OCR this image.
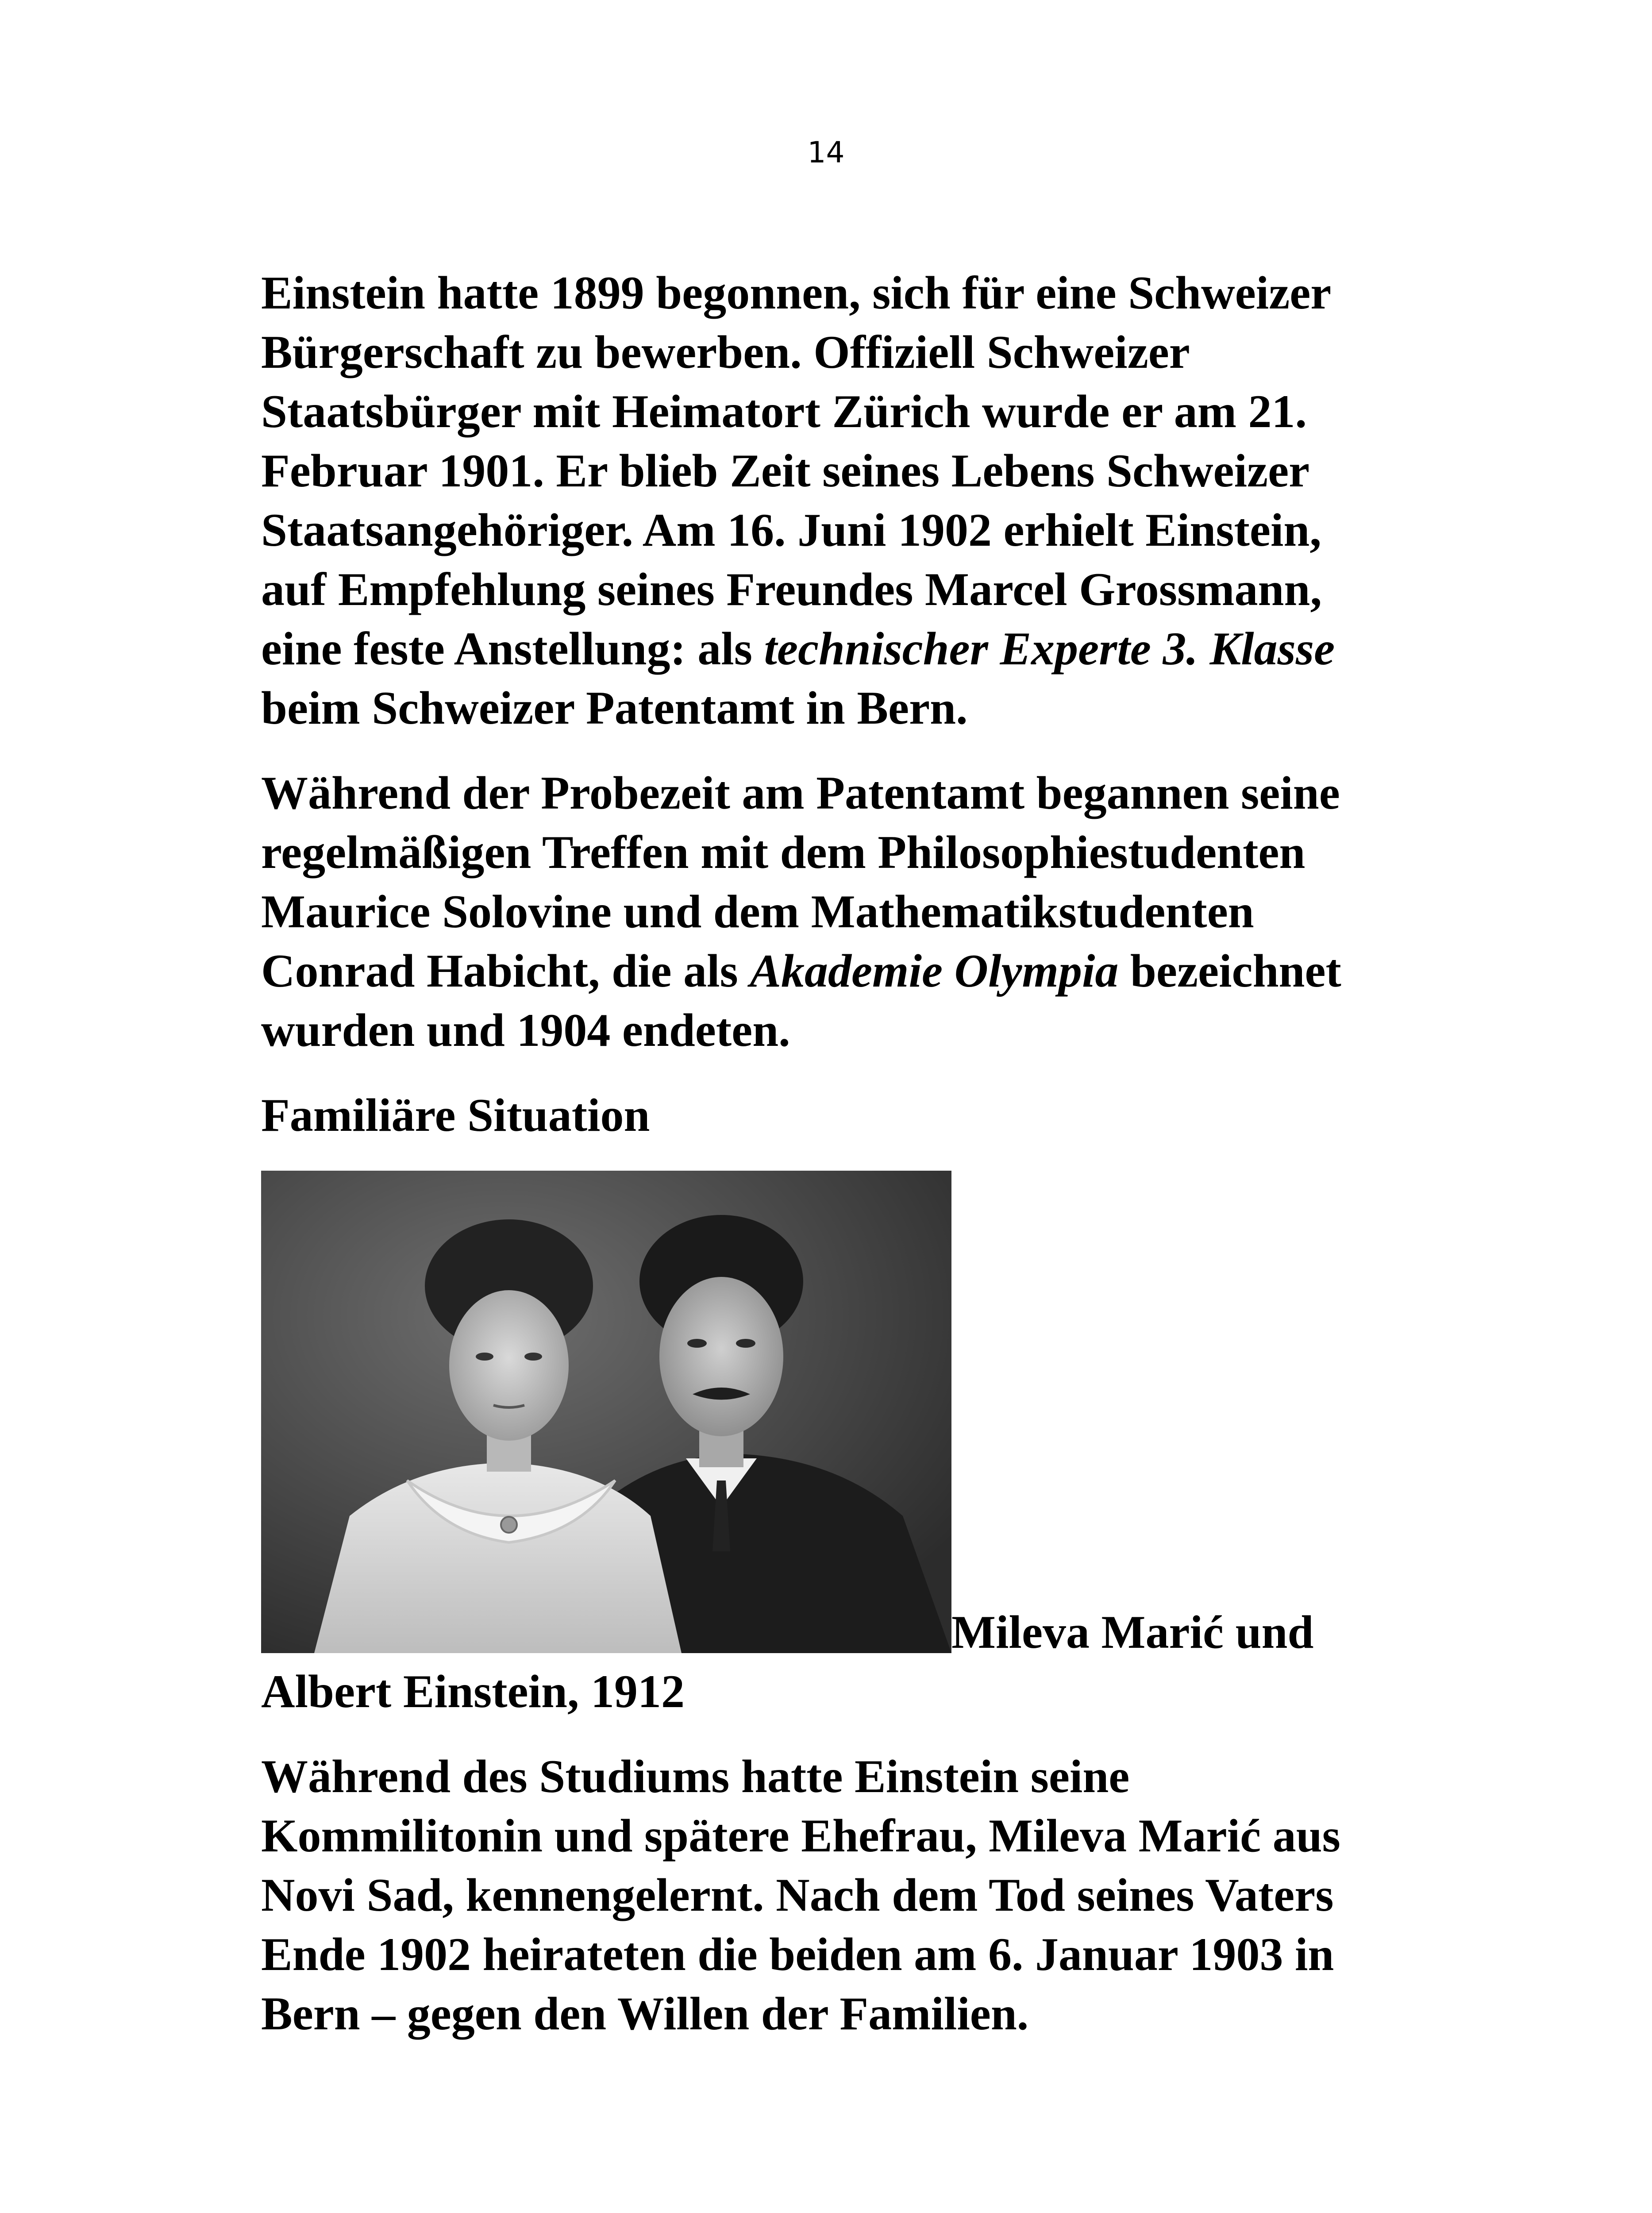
14
Einstein hatte 1899 begonnen, sich für eine Schweizer
Bürgerschaft zu bewerben. Offiziell Schweizer
Staatsbürger mit Heimatort Zürich wurde er am 21.
Februar 1901. Er blieb Zeit seines Lebens Schweizer
Staatsangehöriger. Am 16. Juni 1902 erhielt Einstein,
auf Empfehlung seines Freundes Marcel Grossmann,
eine feste Anstellung: als technischer Experte 3. Klasse
beim Schweizer Patentamt in Bern.
Während der Probezeit am Patentamt begannen seine
regelmäßigen Treffen mit dem Philosophiestudenten
Maurice Solovine und dem Mathematikstudenten
Conrad Habicht, die als Akademie Olympia bezeichnet
wurden und 1904 endeten.
Familiäre Situation
Mileva Marić und
Albert Einstein, 1912
Während des Studiums hatte Einstein seine
Kommilitonin und spätere Ehefrau, Mileva Marić aus
Novi Sad, kennengelernt. Nach dem Tod seines Vaters
Ende 1902 heirateten die beiden am 6. Januar 1903 in
Bern – gegen den Willen der Familien.
